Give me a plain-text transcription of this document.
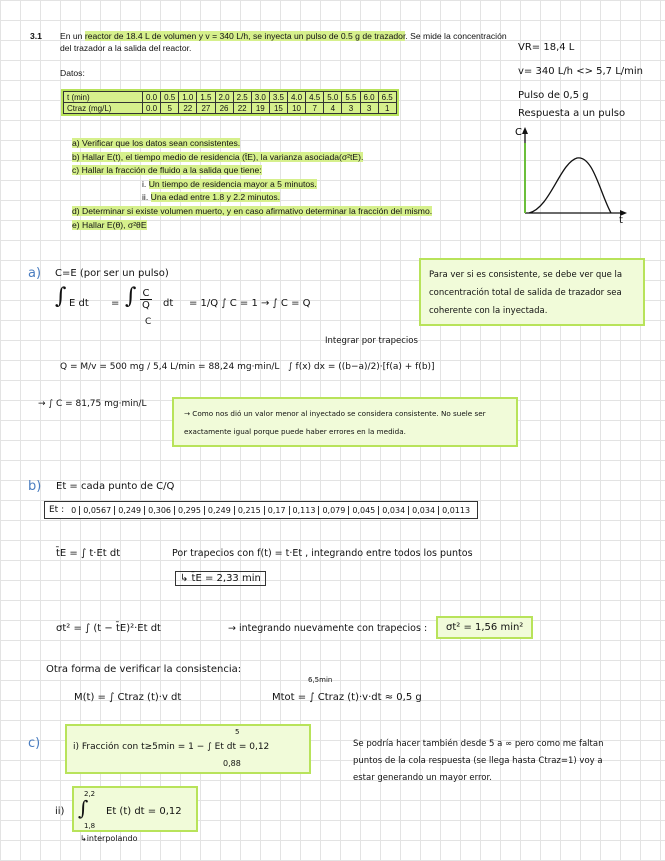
3.1 En un reactor de 18.4 L de volumen y v = 340 L/h, se inyecta un pulso de 0.5 g de trazador. Se mide la concentración
del trazador a la salida del reactor.
Datos:
t (min)	0.0	0.5	1.0	1.5	2.0	2.5	3.0	3.5	4.0	4.5	5.0	5.5	6.0	6.5
Ctraz (mg/L)	0.0	5	22	27	26	22	19	15	10	7	4	3	3	1
a) Verificar que los datos sean consistentes.
b) Hallar E(t), el tiempo medio de residencia (t̄E), la varianza asociada(σ²tE).
c) Hallar la fracción de fluido a la salida que tiene:
i. Un tiempo de residencia mayor a 5 minutos.
ii. Una edad entre 1.8 y 2.2 minutos.
d) Determinar si existe volumen muerto, y en caso afirmativo determinar la fracción del mismo.
e) Hallar E(θ), σ²θE
VR= 18,4 L
v= 340 L/h <> 5,7 L/min
Pulso de 0,5 g
Respuesta a un pulso
C
t
a) C=E (por ser un pulso)
∫ E dt = ∫ $\frac{C}{Q}$ dt
C
= 1/Q ∫ C = 1 → ∫ C = Q
Para ver si es consistente, se debe ver que la concentración total de salida de trazador sea coherente con la inyectada.
Q = M/v = 500 mg / 5,4 L/min = 88,24 mg·min/L
Integrar por trapecios
∫ f(x) dx = ((b−a)/2)·[f(a) + f(b)]
→ ∫ C = 81,75 mg·min/L
→ Como nos dió un valor menor al inyectado se considera consistente. No suele ser exactamente igual porque puede haber errores en la medida.
b) Et = cada punto de C/Q
Et : 0	0,0567	0,249	0,306	0,295	0,249	0,215	0,17	0,113	0,079	0,045	0,034	0,034	0,0113
t̄E = ∫ t·Et dt	Por trapecios con f(t) = t·Et , integrando entre todos los puntos
↳ t̄E = 2,33 min
σt² = ∫ (t − t̄E)²·Et dt	→ integrando nuevamente con trapecios :	σt² = 1,56 min²
Otra forma de verificar la consistencia:
M(t) = ∫ Ctraz (t)·v dt
6,5min
Mtot = ∫ Ctraz (t)·v·dt ≈ 0,5 g
c)
5
i) Fracción con t≥5min = 1 − ∫ Et dt = 0,12
0,88
Se podría hacer también desde 5 a ∞ pero como me faltan puntos de la cola respuesta (se llega hasta Ctraz=1) voy a estar generando un mayor error.
ii)
2,2
∫ Et (t) dt = 0,12
1,8
↳interpolando
